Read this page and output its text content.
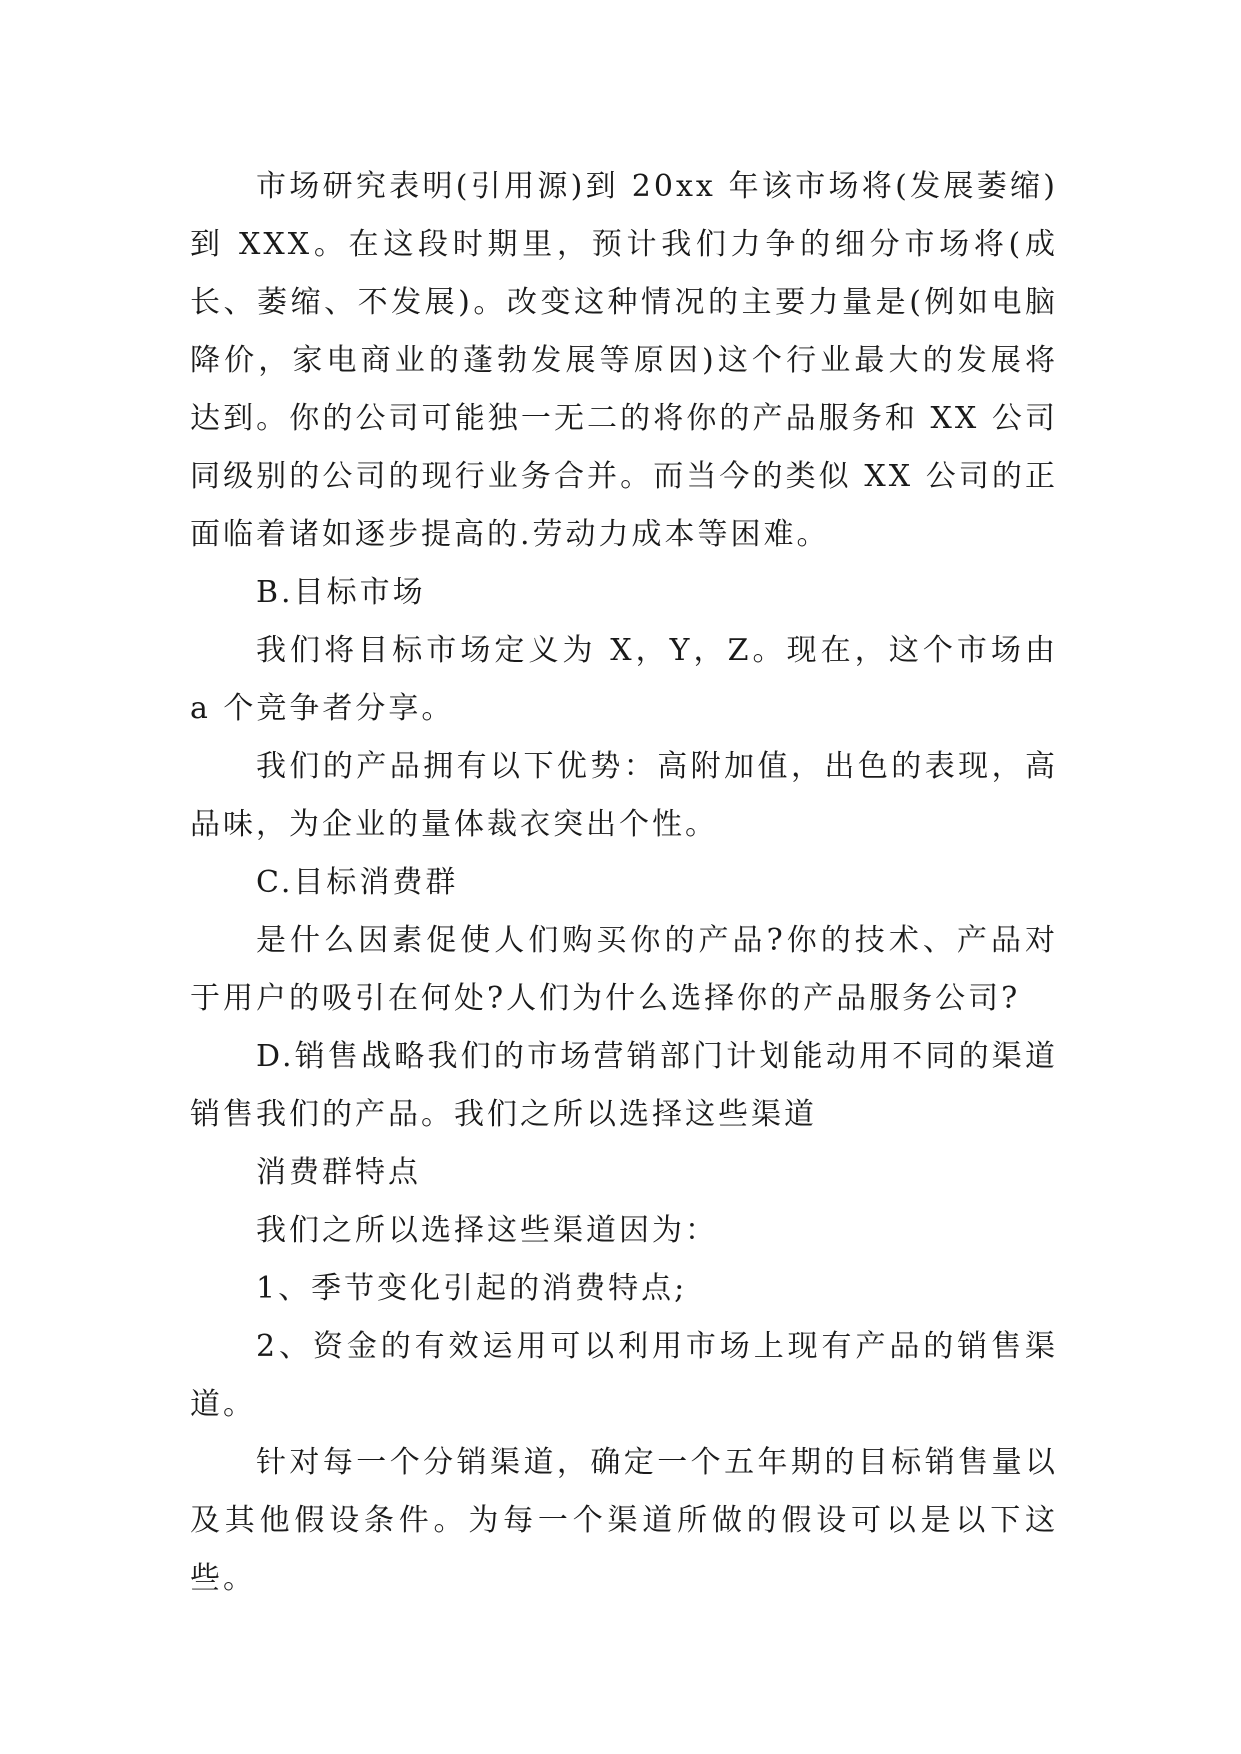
市场研究表明(引用源)到 20xx 年该市场将(发展萎缩)到 XXX。在这段时期里，预计我们力争的细分市场将(成长、萎缩、不发展)。改变这种情况的主要力量是(例如电脑降价，家电商业的蓬勃发展等原因)这个行业最大的发展将达到。你的公司可能独一无二的将你的产品服务和 XX 公司同级别的公司的现行业务合并。而当今的类似 XX 公司的正面临着诸如逐步提高的.劳动力成本等困难。

B.目标市场

我们将目标市场定义为 X，Y，Z。现在，这个市场由 a 个竞争者分享。

我们的产品拥有以下优势：高附加值，出色的表现，高品味，为企业的量体裁衣突出个性。

C.目标消费群

是什么因素促使人们购买你的产品?你的技术、产品对于用户的吸引在何处?人们为什么选择你的产品服务公司?

D.销售战略我们的市场营销部门计划能动用不同的渠道销售我们的产品。我们之所以选择这些渠道

消费群特点

我们之所以选择这些渠道因为：

1、季节变化引起的消费特点;

2、资金的有效运用可以利用市场上现有产品的销售渠道。

针对每一个分销渠道，确定一个五年期的目标销售量以及其他假设条件。为每一个渠道所做的假设可以是以下这些。
